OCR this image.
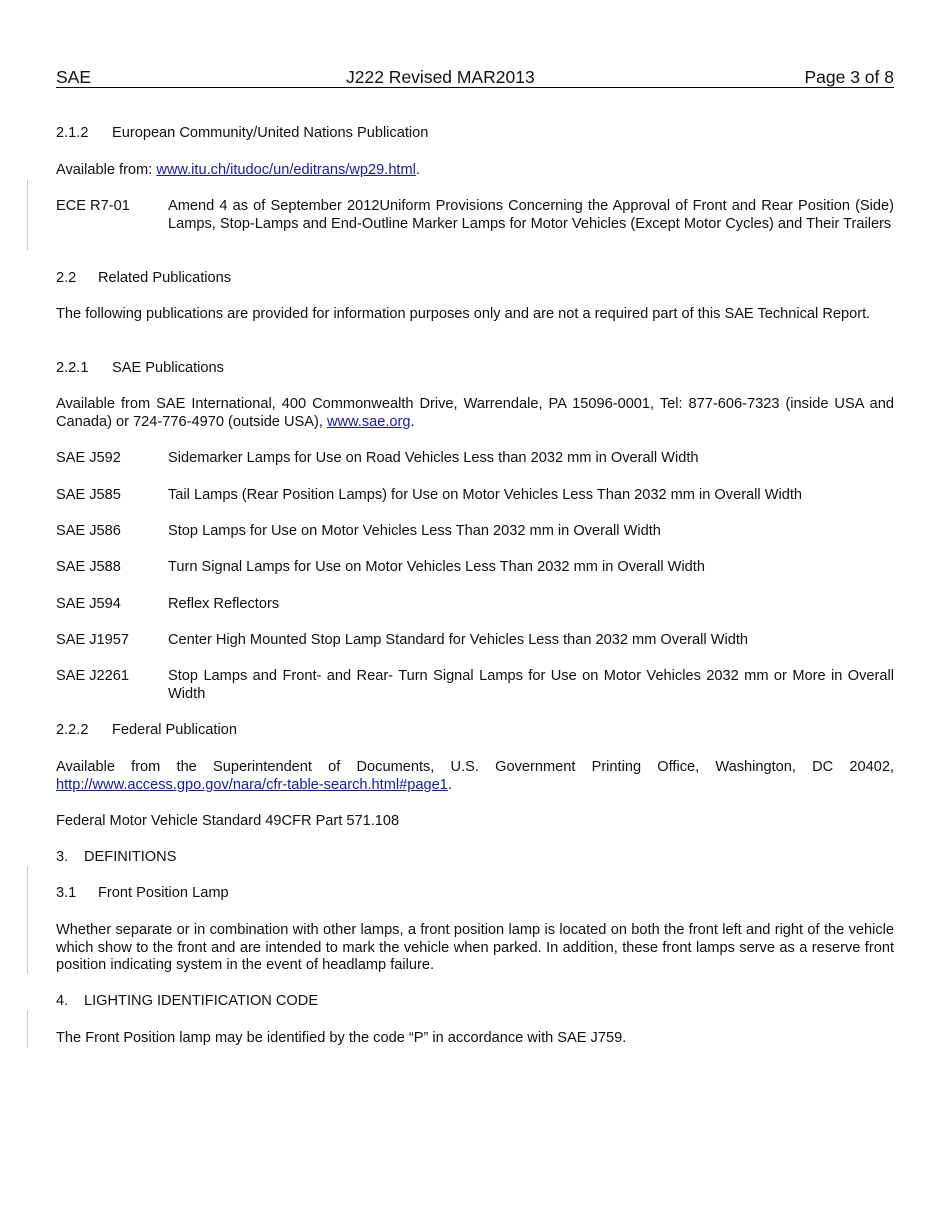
SAE	J222 Revised MAR2013	Page 3 of 8
2.1.2 European Community/United Nations Publication
Available from: www.itu.ch/itudoc/un/editrans/wp29.html.
ECE R7-01	Amend 4 as of September 2012Uniform Provisions Concerning the Approval of Front and Rear Position (Side) Lamps, Stop-Lamps and End-Outline Marker Lamps for Motor Vehicles (Except Motor Cycles) and Their Trailers
2.2 Related Publications
The following publications are provided for information purposes only and are not a required part of this SAE Technical Report.
2.2.1 SAE Publications
Available from SAE International, 400 Commonwealth Drive, Warrendale, PA 15096-0001, Tel: 877-606-7323 (inside USA and Canada) or 724-776-4970 (outside USA), www.sae.org.
SAE J592	Sidemarker Lamps for Use on Road Vehicles Less than 2032 mm in Overall Width
SAE J585	Tail Lamps (Rear Position Lamps) for Use on Motor Vehicles Less Than 2032 mm in Overall Width
SAE J586	Stop Lamps for Use on Motor Vehicles Less Than 2032 mm in Overall Width
SAE J588	Turn Signal Lamps for Use on Motor Vehicles Less Than 2032 mm in Overall Width
SAE J594	Reflex Reflectors
SAE J1957	Center High Mounted Stop Lamp Standard for Vehicles Less than 2032 mm Overall Width
SAE J2261	Stop Lamps and Front- and Rear- Turn Signal Lamps for Use on Motor Vehicles 2032 mm or More in Overall Width
2.2.2 Federal Publication
Available from the Superintendent of Documents, U.S. Government Printing Office, Washington, DC 20402, http://www.access.gpo.gov/nara/cfr-table-search.html#page1.
Federal Motor Vehicle Standard 49CFR Part 571.108
3. DEFINITIONS
3.1 Front Position Lamp
Whether separate or in combination with other lamps, a front position lamp is located on both the front left and right of the vehicle which show to the front and are intended to mark the vehicle when parked. In addition, these front lamps serve as a reserve front position indicating system in the event of headlamp failure.
4. LIGHTING IDENTIFICATION CODE
The Front Position lamp may be identified by the code “P” in accordance with SAE J759.
